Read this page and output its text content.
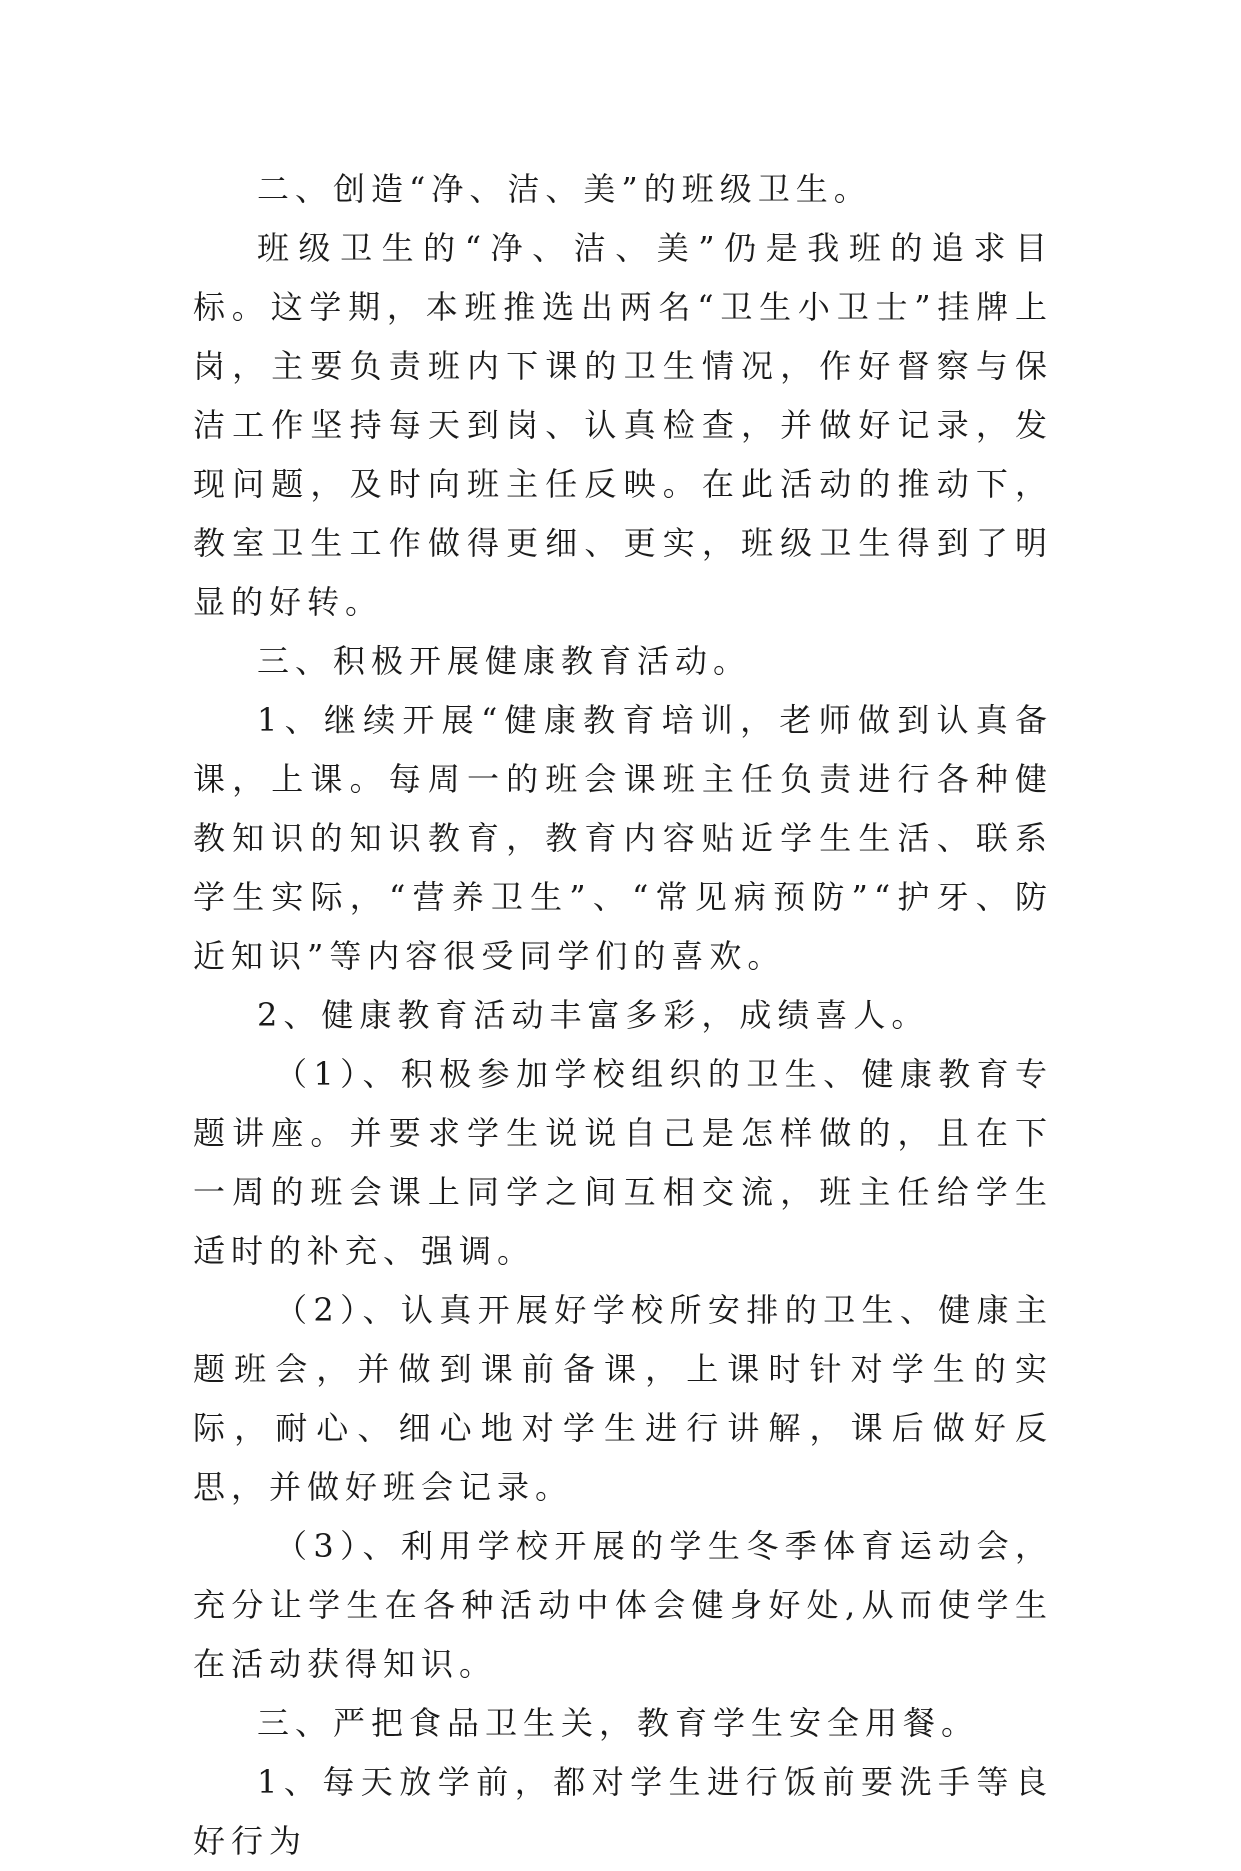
二、创造“净、洁、美”的班级卫生。

班级卫生的“净、洁、美”仍是我班的追求目标。这学期，本班推选出两名“卫生小卫士”挂牌上岗，主要负责班内下课的卫生情况，作好督察与保洁工作坚持每天到岗、认真检查，并做好记录，发现问题，及时向班主任反映。在此活动的推动下，教室卫生工作做得更细、更实，班级卫生得到了明显的好转。

三、积极开展健康教育活动。

1、继续开展“健康教育培训，老师做到认真备课，上课。每周一的班会课班主任负责进行各种健教知识的知识教育，教育内容贴近学生生活、联系学生实际，“营养卫生”、“常见病预防”“护牙、防近知识”等内容很受同学们的喜欢。

2、健康教育活动丰富多彩，成绩喜人。

（1）、积极参加学校组织的卫生、健康教育专题讲座。并要求学生说说自己是怎样做的，且在下一周的班会课上同学之间互相交流，班主任给学生适时的补充、强调。

（2）、认真开展好学校所安排的卫生、健康主题班会，并做到课前备课，上课时针对学生的实际，耐心、细心地对学生进行讲解，课后做好反思，并做好班会记录。

（3）、利用学校开展的学生冬季体育运动会，充分让学生在各种活动中体会健身好处,从而使学生在活动获得知识。

三、严把食品卫生关，教育学生安全用餐。

1、每天放学前，都对学生进行饭前要洗手等良好行为
